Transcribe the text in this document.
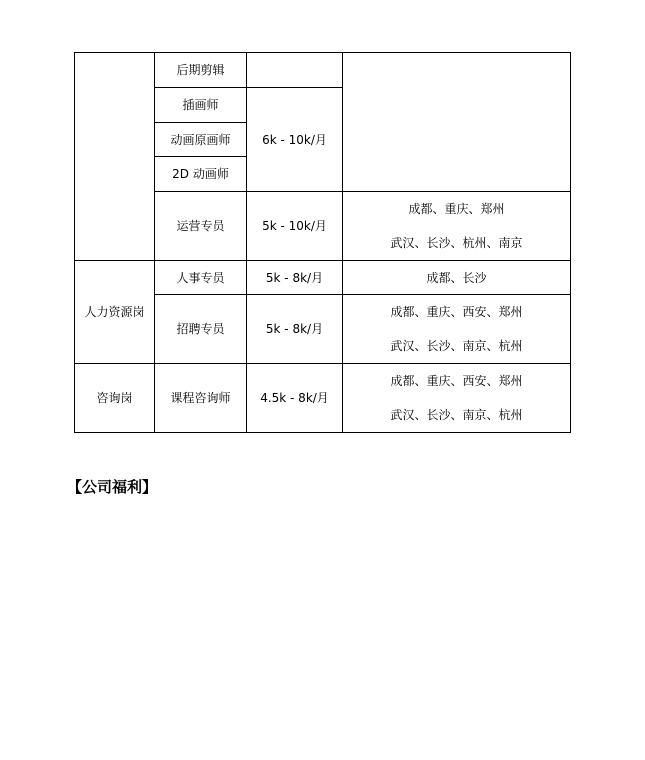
	后期剪辑		
	插画师	6k - 10k/月	
	动画原画师		
	2D 动画师		
	运营专员	5k - 10k/月	成都、重庆、郑州
武汉、长沙、杭州、南京

人力资源岗	人事专员	5k - 8k/月	成都、长沙

	招聘专员	5k - 8k/月	成都、重庆、西安、郑州
武汉、长沙、南京、杭州

咨询岗	课程咨询师	4.5k - 8k/月	成都、重庆、西安、郑州
武汉、长沙、南京、杭州
【公司福利】
